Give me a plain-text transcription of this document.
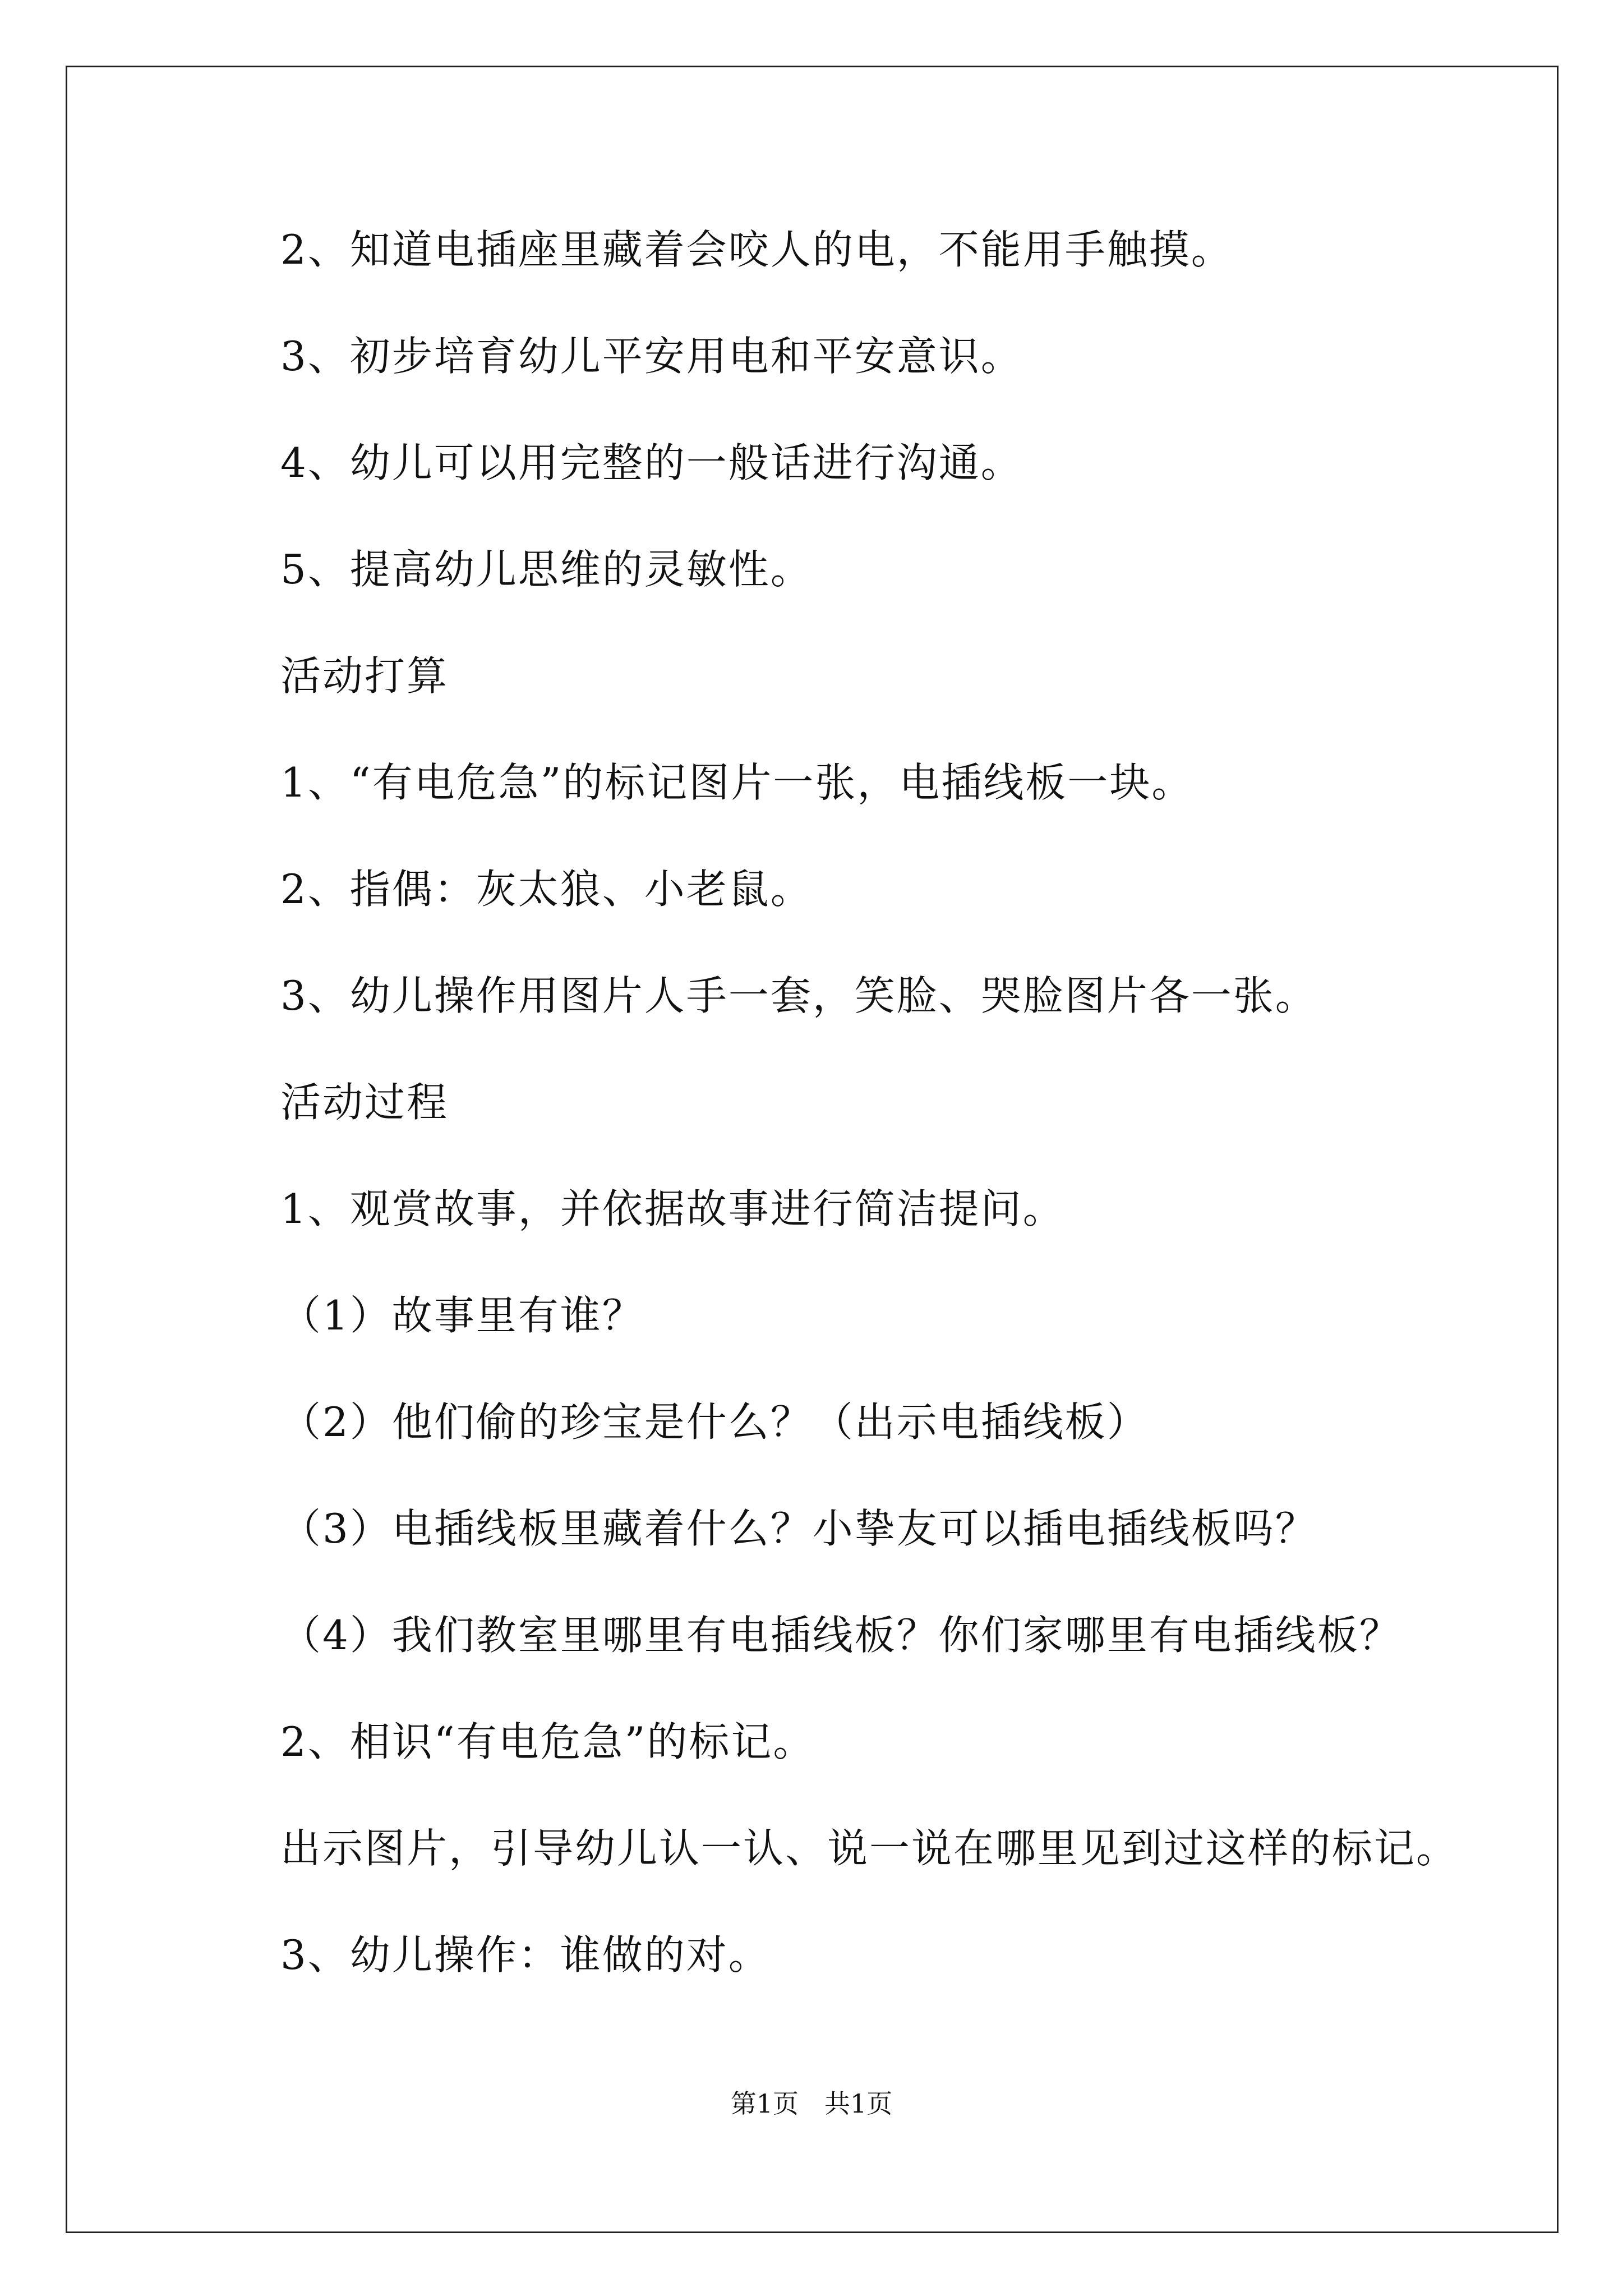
2、知道电插座里藏着会咬人的电，不能用手触摸。
3、初步培育幼儿平安用电和平安意识。
4、幼儿可以用完整的一般话进行沟通。
5、提高幼儿思维的灵敏性。
活动打算
1、“有电危急”的标记图片一张，电插线板一块。
2、指偶：灰太狼、小老鼠。
3、幼儿操作用图片人手一套，笑脸、哭脸图片各一张。
活动过程
1、观赏故事，并依据故事进行简洁提问。
（1）故事里有谁？
（2）他们偷的珍宝是什么？（出示电插线板）
（3）电插线板里藏着什么？小挚友可以插电插线板吗？
（4）我们教室里哪里有电插线板？你们家哪里有电插线板？
2、相识“有电危急”的标记。
出示图片，引导幼儿认一认、说一说在哪里见到过这样的标记。
3、幼儿操作：谁做的对。
第1页　共1页
